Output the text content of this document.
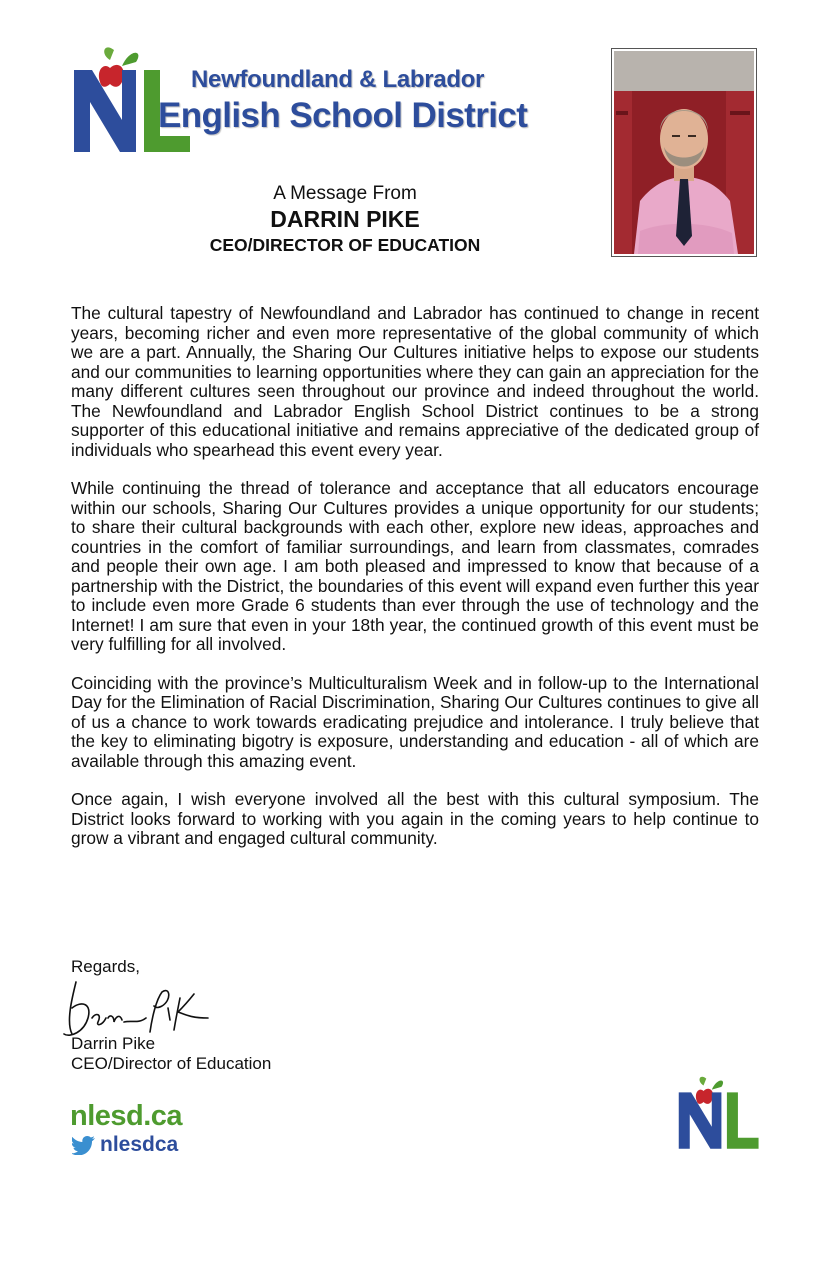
Newfoundland & Labrador
English School District
A Message From
DARRIN PIKE
CEO/DIRECTOR OF EDUCATION

The cultural tapestry of Newfoundland and Labrador has continued to change in recent years, becoming richer and even more representative of the global community of which we are a part. Annually, the Sharing Our Cultures initiative helps to expose our students and our communities to learning opportunities where they can gain an appreciation for the many different cultures seen throughout our province and indeed throughout the world. The Newfoundland and Labrador English School District continues to be a strong supporter of this educational initiative and remains appreciative of the dedicated group of individuals who spearhead this event every year.

While continuing the thread of tolerance and acceptance that all educators encourage within our schools, Sharing Our Cultures provides a unique opportunity for our students; to share their cultural backgrounds with each other, explore new ideas, approaches and countries in the comfort of familiar surroundings, and learn from classmates, comrades and people their own age. I am both pleased and impressed to know that because of a partnership with the District, the boundaries of this event will expand even further this year to include even more Grade 6 students than ever through the use of technology and the Internet! I am sure that even in your 18th year, the continued growth of this event must be very fulfilling for all involved.

Coinciding with the province’s Multiculturalism Week and in follow-up to the International Day for the Elimination of Racial Discrimination, Sharing Our Cultures continues to give all of us a chance to work towards eradicating prejudice and intolerance. I truly believe that the key to eliminating bigotry is exposure, understanding and education - all of which are available through this amazing event.

Once again, I wish everyone involved all the best with this cultural symposium. The District looks forward to working with you again in the coming years to help continue to grow a vibrant and engaged cultural community.

Regards,
Darrin Pike
CEO/Director of Education
nlesd.ca
nlesdca
